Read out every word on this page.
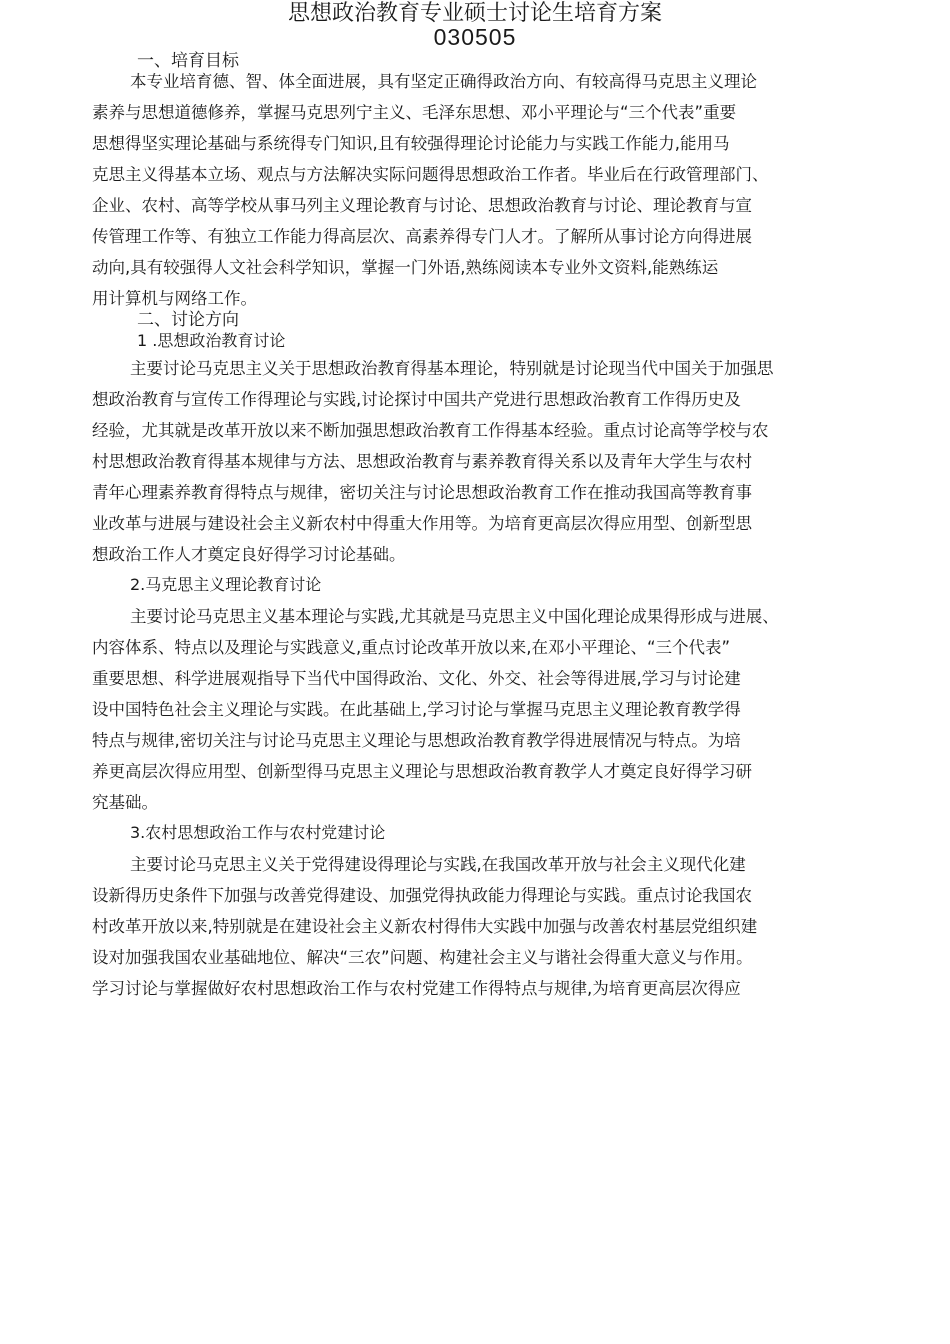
思想政治教育专业硕士讨论生培育方案
030505
一、培育目标
本专业培育德、智、体全面进展，具有坚定正确得政治方向、有较高得马克思主义理论
素养与思想道德修养，掌握马克思列宁主义、毛泽东思想、邓小平理论与“三个代表”重要
思想得坚实理论基础与系统得专门知识,且有较强得理论讨论能力与实践工作能力,能用马
克思主义得基本立场、观点与方法解决实际问题得思想政治工作者。毕业后在行政管理部门、
企业、农村、高等学校从事马列主义理论教育与讨论、思想政治教育与讨论、理论教育与宣
传管理工作等、有独立工作能力得高层次、高素养得专门人才。了解所从事讨论方向得进展
动向,具有较强得人文社会科学知识，掌握一门外语,熟练阅读本专业外文资料,能熟练运
用计算机与网络工作。
二、讨论方向
1 .思想政治教育讨论
主要讨论马克思主义关于思想政治教育得基本理论，特别就是讨论现当代中国关于加强思
想政治教育与宣传工作得理论与实践,讨论探讨中国共产党进行思想政治教育工作得历史及
经验，尤其就是改革开放以来不断加强思想政治教育工作得基本经验。重点讨论高等学校与农
村思想政治教育得基本规律与方法、思想政治教育与素养教育得关系以及青年大学生与农村
青年心理素养教育得特点与规律，密切关注与讨论思想政治教育工作在推动我国高等教育事
业改革与进展与建设社会主义新农村中得重大作用等。为培育更高层次得应用型、创新型思
想政治工作人才奠定良好得学习讨论基础。
2.马克思主义理论教育讨论
主要讨论马克思主义基本理论与实践,尤其就是马克思主义中国化理论成果得形成与进展、
内容体系、特点以及理论与实践意义,重点讨论改革开放以来,在邓小平理论、“三个代表”
重要思想、科学进展观指导下当代中国得政治、文化、外交、社会等得进展,学习与讨论建
设中国特色社会主义理论与实践。在此基础上,学习讨论与掌握马克思主义理论教育教学得
特点与规律,密切关注与讨论马克思主义理论与思想政治教育教学得进展情况与特点。为培
养更高层次得应用型、创新型得马克思主义理论与思想政治教育教学人才奠定良好得学习研
究基础。
3.农村思想政治工作与农村党建讨论
主要讨论马克思主义关于党得建设得理论与实践,在我国改革开放与社会主义现代化建
设新得历史条件下加强与改善党得建设、加强党得执政能力得理论与实践。重点讨论我国农
村改革开放以来,特别就是在建设社会主义新农村得伟大实践中加强与改善农村基层党组织建
设对加强我国农业基础地位、解决“三农”问题、构建社会主义与谐社会得重大意义与作用。
学习讨论与掌握做好农村思想政治工作与农村党建工作得特点与规律,为培育更高层次得应
